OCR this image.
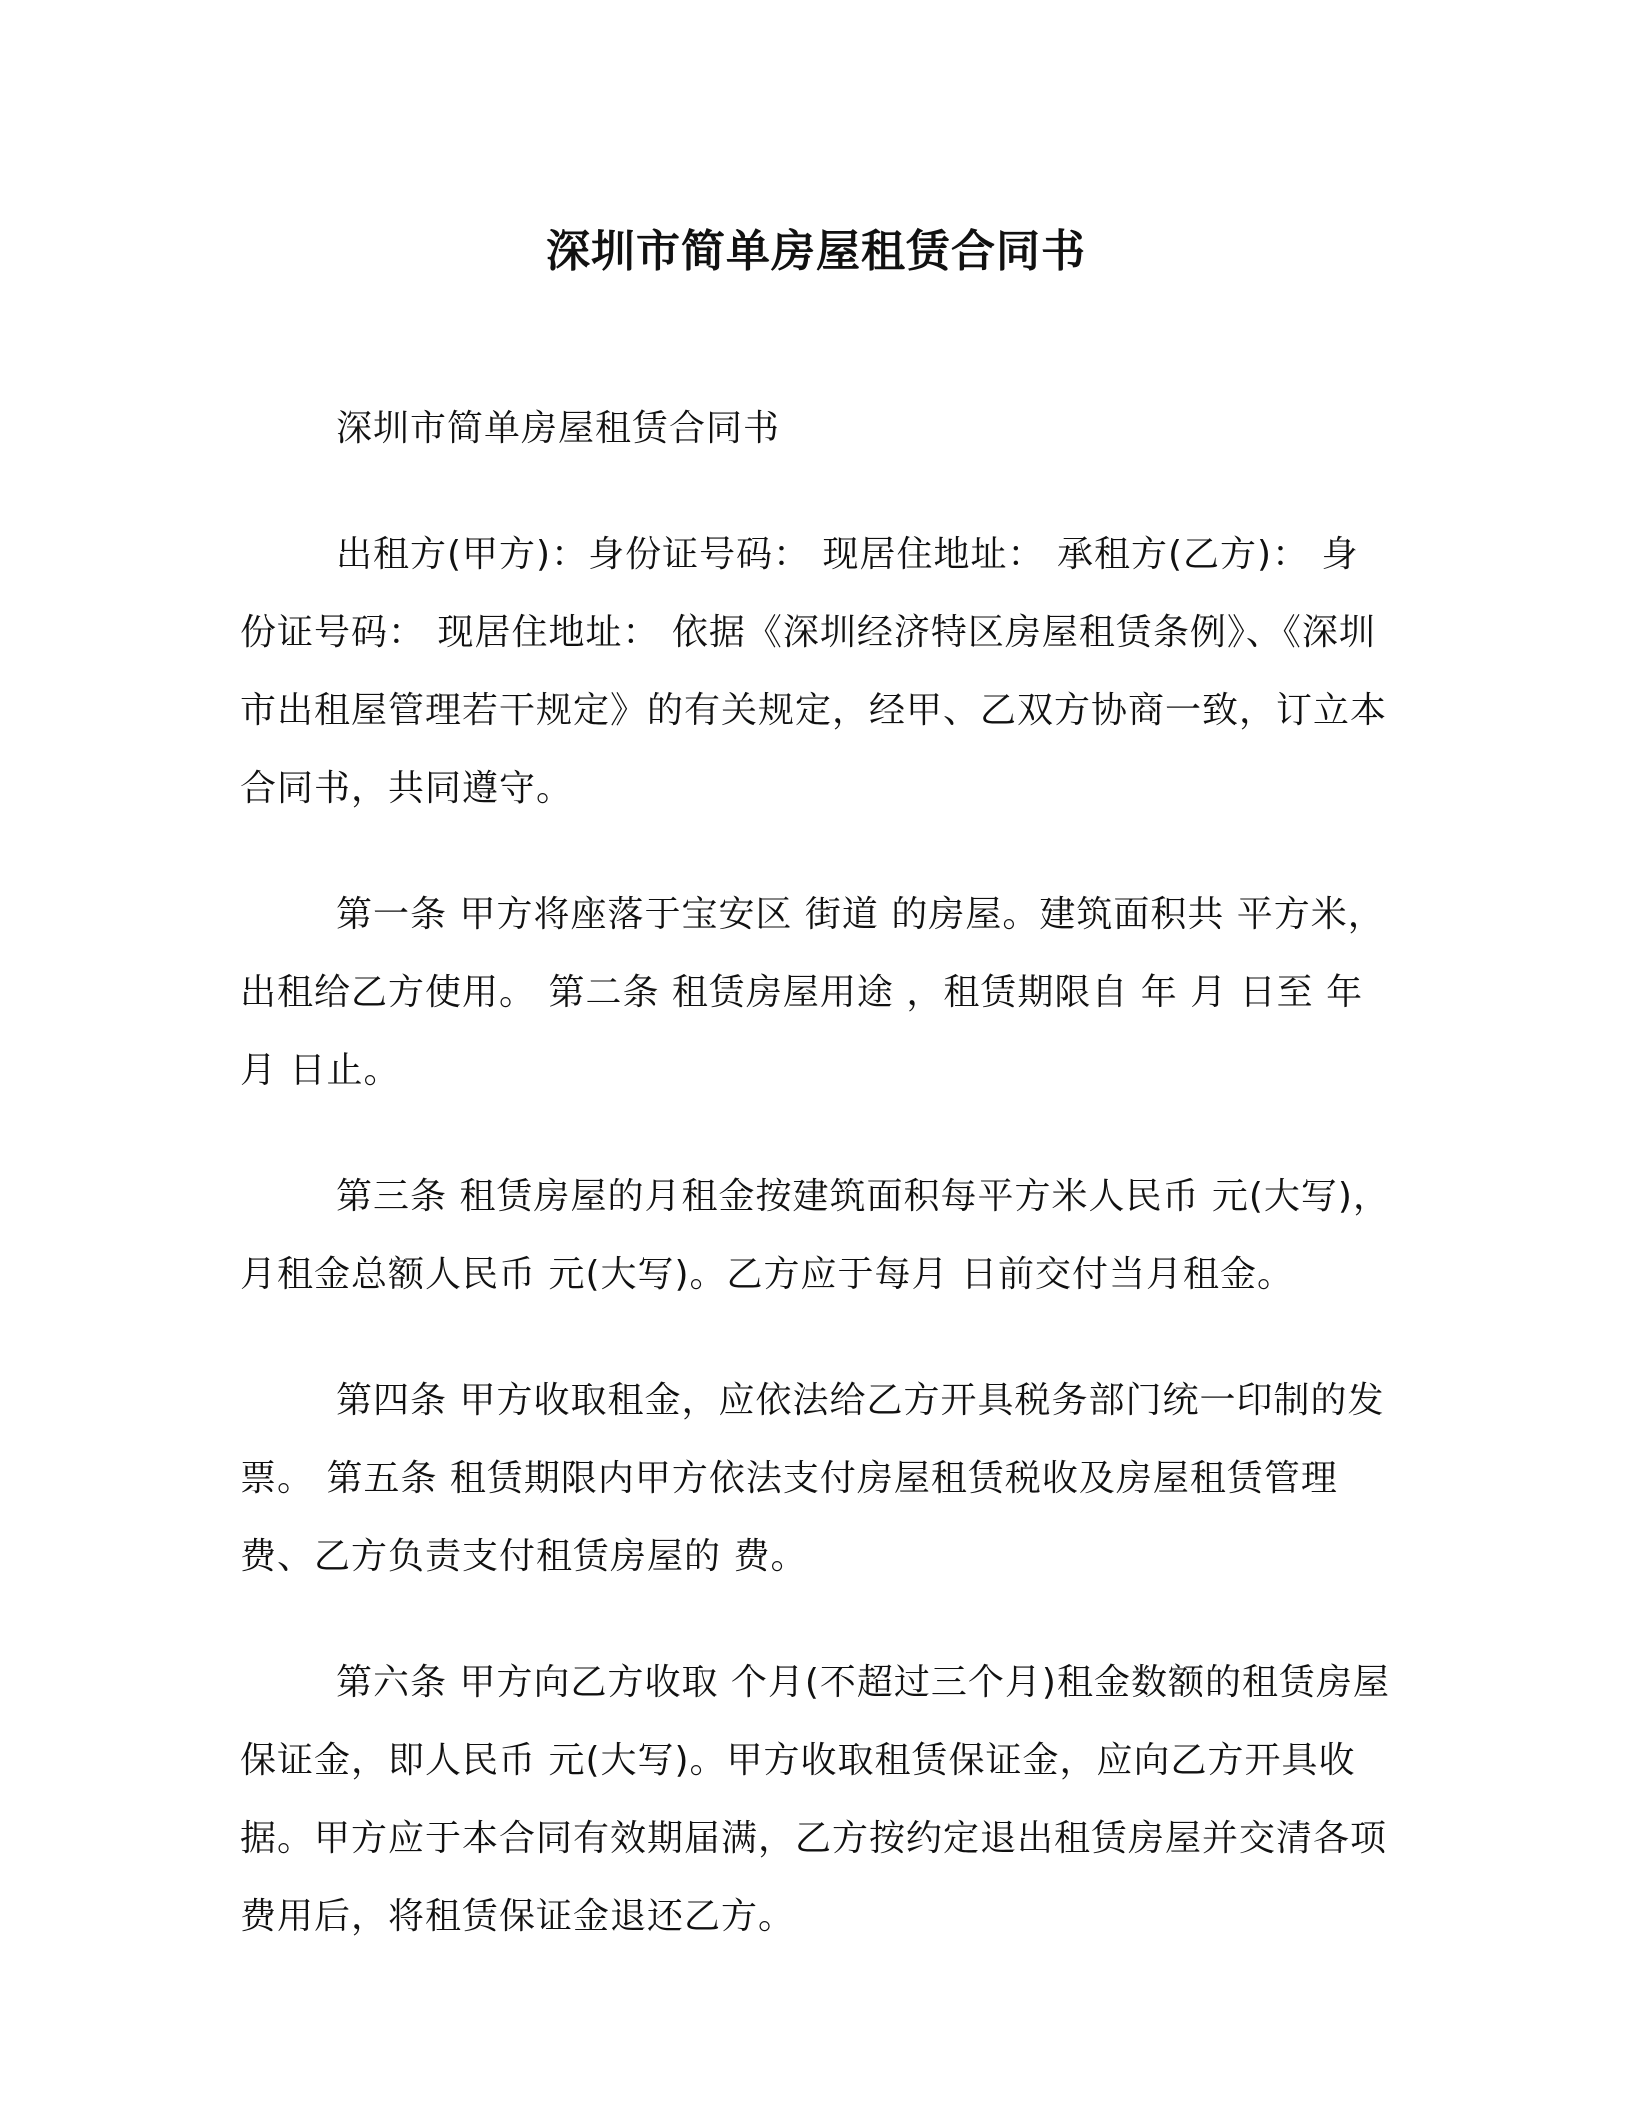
深圳市简单房屋租赁合同书

深圳市简单房屋租赁合同书

出租方(甲方)：身份证号码： 现居住地址： 承租方(乙方)： 身份证号码： 现居住地址： 依据《深圳经济特区房屋租赁条例》、《深圳市出租屋管理若干规定》的有关规定，经甲、乙双方协商一致，订立本合同书，共同遵守。

第一条 甲方将座落于宝安区 街道 的房屋。建筑面积共 平方米，出租给乙方使用。 第二条 租赁房屋用途 ，租赁期限自 年 月 日至 年 月 日止。

第三条 租赁房屋的月租金按建筑面积每平方米人民币 元(大写)，月租金总额人民币 元(大写)。乙方应于每月 日前交付当月租金。

第四条 甲方收取租金，应依法给乙方开具税务部门统一印制的发票。 第五条 租赁期限内甲方依法支付房屋租赁税收及房屋租赁管理费、乙方负责支付租赁房屋的 费。

第六条 甲方向乙方收取 个月(不超过三个月)租金数额的租赁房屋保证金，即人民币 元(大写)。甲方收取租赁保证金，应向乙方开具收据。甲方应于本合同有效期届满，乙方按约定退出租赁房屋并交清各项费用后，将租赁保证金退还乙方。
